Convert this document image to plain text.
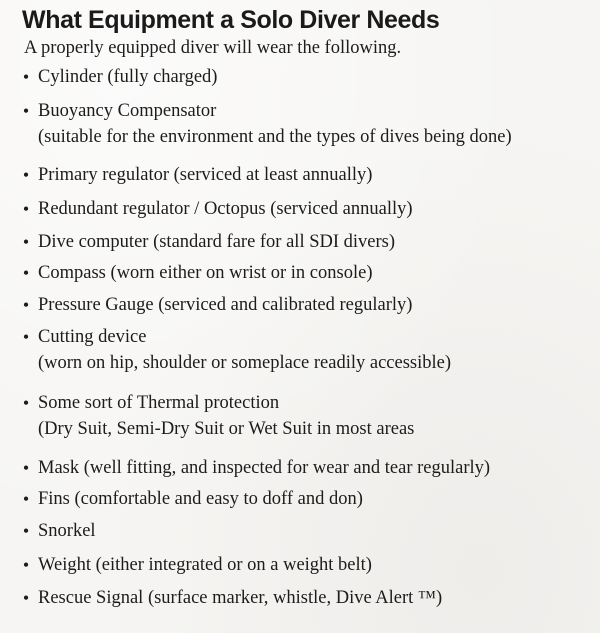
What Equipment a Solo Diver Needs
A properly equipped diver will wear the following.
• Cylinder (fully charged)
• Buoyancy Compensator
(suitable for the environment and the types of dives being done)
• Primary regulator (serviced at least annually)
• Redundant regulator / Octopus (serviced annually)
• Dive computer (standard fare for all SDI divers)
• Compass (worn either on wrist or in console)
• Pressure Gauge (serviced and calibrated regularly)
• Cutting device
(worn on hip, shoulder or someplace readily accessible)
• Some sort of Thermal protection
(Dry Suit, Semi-Dry Suit or Wet Suit in most areas
• Mask (well fitting, and inspected for wear and tear regularly)
• Fins (comfortable and easy to doff and don)
• Snorkel
• Weight (either integrated or on a weight belt)
• Rescue Signal (surface marker, whistle, Dive Alert ™)
